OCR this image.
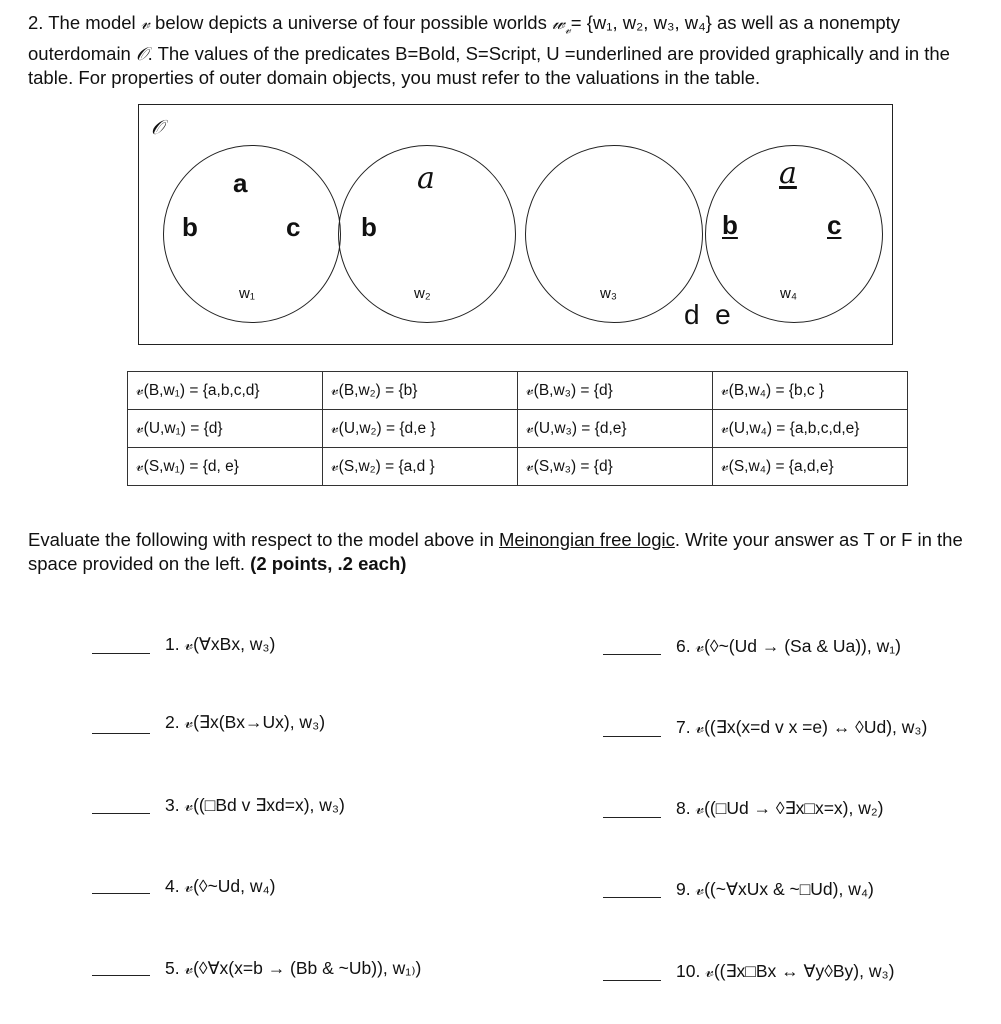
2. The model 𝓋 below depicts a universe of four possible worlds 𝓌$_𝓋$= {w₁, w₂, w₃, w₄} as well as a nonempty outerdomain 𝒪. The values of the predicates B=Bold, S=Script, U =underlined are provided graphically and in the table. For properties of outer domain objects, you must refer to the valuations in the table.
𝒪
a
b	c
w₁
a
b
w₂	w₃
a
b	c
w₄
d  e
𝓋(B,w₁) = {a,b,c,d}	𝓋(B,w₂) = {b}	𝓋(B,w₃) = {d}	𝓋(B,w₄) = {b,c }
𝓋(U,w₁) = {d}	𝓋(U,w₂) = {d,e }	𝓋(U,w₃) = {d,e}	𝓋(U,w₄) = {a,b,c,d,e}
𝓋(S,w₁) = {d, e}	𝓋(S,w₂) = {a,d }	𝓋(S,w₃) = {d}	𝓋(S,w₄) = {a,d,e}
Evaluate the following with respect to the model above in Meinongian free logic. Write your answer as T or F in the space provided on the left. (2 points, .2 each)
1. 𝓋(∀xBx, w₃)
2. 𝓋(∃x(Bx→Ux), w₃)
3. 𝓋((□Bd v ∃xd=x), w₃)
4. 𝓋(◊~Ud, w₄)
5. 𝓋(◊∀x(x=b → (Bb & ~Ub)), w₁₎)
6. 𝓋(◊~(Ud → (Sa & Ua)), w₁)
7. 𝓋((∃x(x=d v x =e) ↔ ◊Ud), w₃)
8. 𝓋((□Ud → ◊∃x□x=x), w₂)
9. 𝓋((~∀xUx & ~□Ud), w₄)
10. 𝓋((∃x□Bx ↔ ∀y◊By), w₃)
